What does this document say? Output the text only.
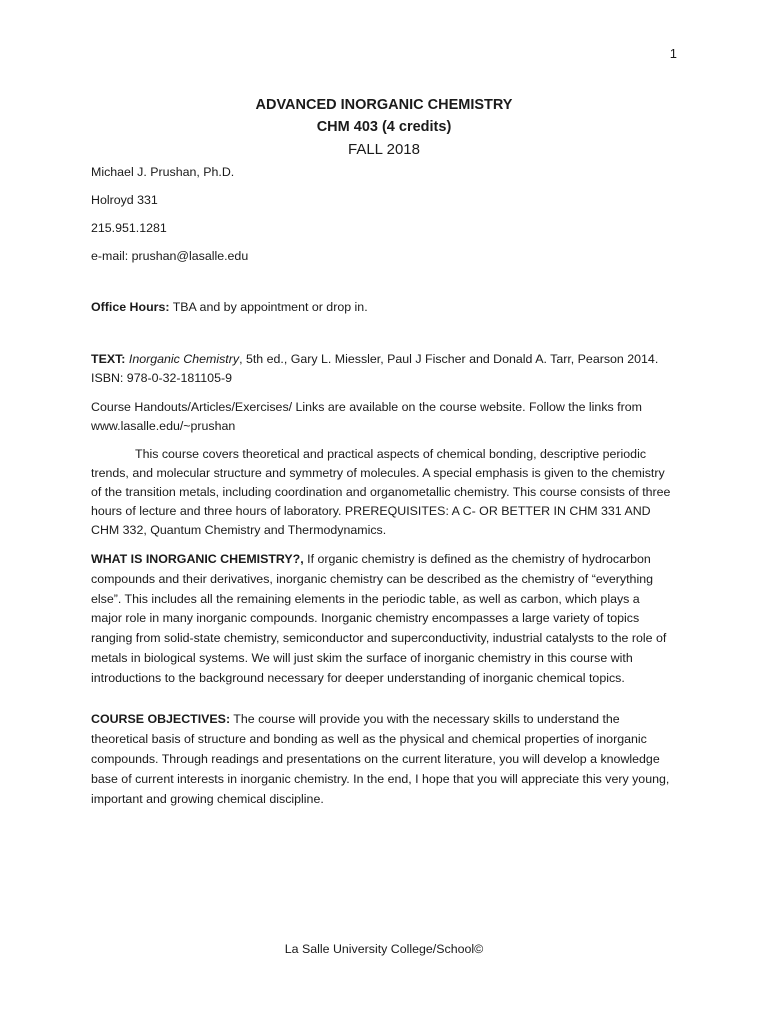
1
ADVANCED INORGANIC CHEMISTRY
CHM 403 (4 credits)
FALL 2018
Michael J. Prushan, Ph.D.
Holroyd 331
215.951.1281
e-mail: prushan@lasalle.edu
Office Hours: TBA and by appointment or drop in.
TEXT: Inorganic Chemistry, 5th ed., Gary L. Miessler, Paul J Fischer and Donald A. Tarr, Pearson 2014. ISBN: 978-0-32-181105-9
Course Handouts/Articles/Exercises/ Links are available on the course website. Follow the links from www.lasalle.edu/~prushan
This course covers theoretical and practical aspects of chemical bonding, descriptive periodic trends, and molecular structure and symmetry of molecules. A special emphasis is given to the chemistry of the transition metals, including coordination and organometallic chemistry. This course consists of three hours of lecture and three hours of laboratory. PREREQUISITES: A C- OR BETTER IN CHM 331 AND CHM 332, Quantum Chemistry and Thermodynamics.
WHAT IS INORGANIC CHEMISTRY?, If organic chemistry is defined as the chemistry of hydrocarbon compounds and their derivatives, inorganic chemistry can be described as the chemistry of “everything else”. This includes all the remaining elements in the periodic table, as well as carbon, which plays a major role in many inorganic compounds. Inorganic chemistry encompasses a large variety of topics ranging from solid-state chemistry, semiconductor and superconductivity, industrial catalysts to the role of metals in biological systems. We will just skim the surface of inorganic chemistry in this course with introductions to the background necessary for deeper understanding of inorganic chemical topics.
COURSE OBJECTIVES: The course will provide you with the necessary skills to understand the theoretical basis of structure and bonding as well as the physical and chemical properties of inorganic compounds. Through readings and presentations on the current literature, you will develop a knowledge base of current interests in inorganic chemistry. In the end, I hope that you will appreciate this very young, important and growing chemical discipline.
La Salle University College/School©
